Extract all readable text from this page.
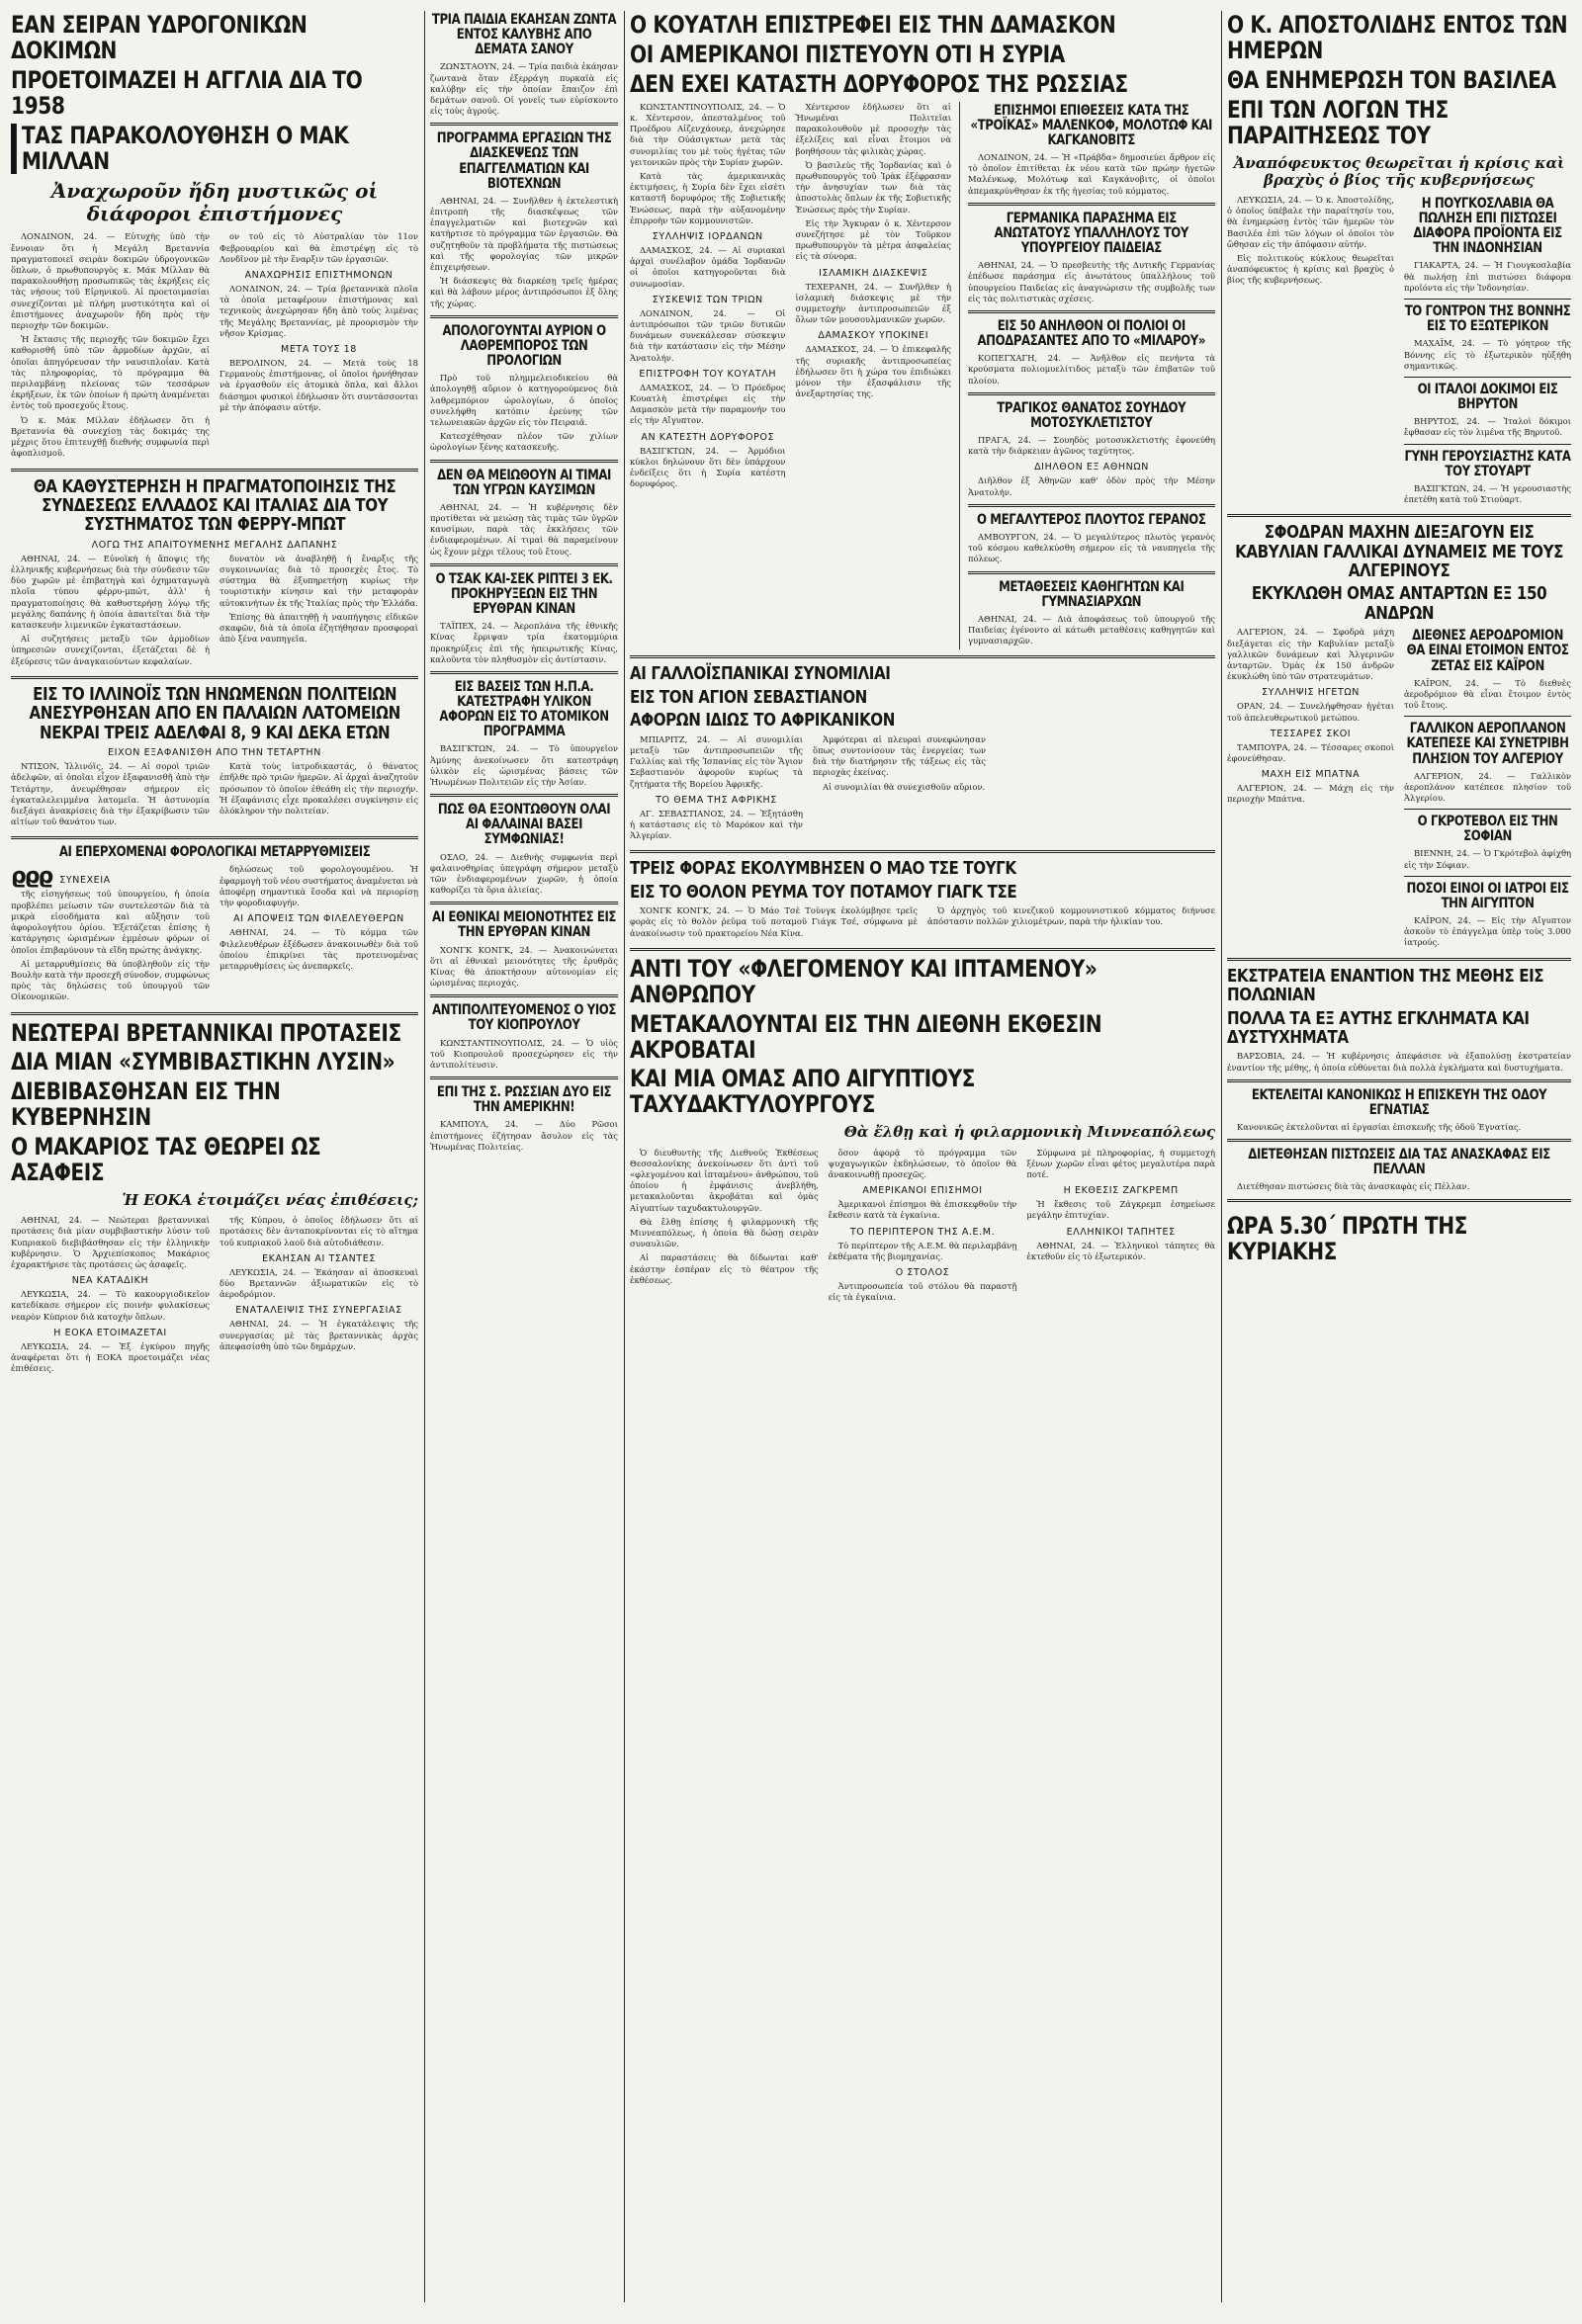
ΕΑΝ ΣΕΙΡΑΝ ΥΔΡΟΓΟΝΙΚΩΝ ΔΟΚΙΜΩΝ
ΠΡΟΕΤΟΙΜΑΖΕΙ Η ΑΓΓΛΙΑ ΔΙΑ ΤΟ 1958
ΤΑΣ ΠΑΡΑΚΟΛΟΥΘΗΣΗ Ο ΜΑΚ ΜΙΛΛΑΝ
Ἀναχωροῦν ἤδη μυστικῶς οἱ διάφοροι ἐπιστήμονες

ΛΟΝΔΙΝΟΝ, 24. — Εὐτυχὴς ὑπὸ τὴν ἔννοιαν ὅτι ἡ Μεγάλη Βρεταννία πραγματοποιεῖ σειρὰν δοκιμῶν ὑδρογονικῶν ὅπλων, ὁ πρωθυπουργὸς κ. Μάκ Μίλλαν θὰ παρακολουθήσῃ προσωπικῶς τὰς ἐκρήξεις εἰς τὰς νήσους τοῦ Εἰρηνικοῦ. Αἱ προετοιμασίαι συνεχίζονται μὲ πλήρη μυστικότητα καὶ οἱ ἐπιστήμονες ἀναχωροῦν ἤδη πρὸς τὴν περιοχὴν τῶν δοκιμῶν.

Ἡ ἔκτασις τῆς περιοχῆς τῶν δοκιμῶν ἔχει καθορισθῆ ὑπὸ τῶν ἁρμοδίων ἀρχῶν, αἱ ὁποῖαι ἀπηγόρευσαν τὴν ναυσιπλοΐαν. Κατὰ τὰς πληροφορίας, τὸ πρόγραμμα θὰ περιλαμβάνῃ πλείονας τῶν τεσσάρων ἐκρήξεων, ἐκ τῶν ὁποίων ἡ πρώτη ἀναμένεται ἐντὸς τοῦ προσεχοῦς ἔτους.

Ὁ κ. Μάκ Μίλλαν ἐδήλωσεν ὅτι ἡ Βρεταννία θὰ συνεχίσῃ τὰς δοκιμάς της μέχρις ὅτου ἐπιτευχθῇ διεθνὴς συμφωνία περὶ ἀφοπλισμοῦ.

ον τοῦ εἰς τὸ Αὐστραλίαν τὸν 11ον Φεβρουαρίου καὶ θὰ ἐπιστρέψῃ εἰς τὸ Λονδῖνον μὲ τὴν ἔναρξιν τῶν ἐργασιῶν.

ΑΝΑΧΩΡΗΣΙΣ ΕΠΙΣΤΗΜΟΝΩΝ

ΛΟΝΔΙΝΟΝ, 24. — Τρία βρεταννικὰ πλοῖα τὰ ὁποῖα μεταφέρουν ἐπιστήμονας καὶ τεχνικοὺς ἀνεχώρησαν ἤδη ἀπὸ τοὺς λιμένας τῆς Μεγάλης Βρεταννίας, μὲ προορισμὸν τὴν νῆσον Κρίσμας.

ΜΕΤΑ ΤΟΥΣ 18

ΒΕΡΟΛΙΝΟΝ, 24. — Μετὰ τοὺς 18 Γερμανοὺς ἐπιστήμονας, οἱ ὁποῖοι ἠρνήθησαν νὰ ἐργασθοῦν εἰς ἀτομικὰ ὅπλα, καὶ ἄλλοι διάσημοι φυσικοὶ ἐδήλωσαν ὅτι συντάσσονται μὲ τὴν ἀπόφασιν αὐτήν.

ΘΑ ΚΑΘΥΣΤΕΡΗΣΗ Η ΠΡΑΓΜΑΤΟΠΟΙΗΣΙΣ ΤΗΣ ΣΥΝΔΕΣΕΩΣ ΕΛΛΑΔΟΣ ΚΑΙ ΙΤΑΛΙΑΣ ΔΙΑ ΤΟΥ ΣΥΣΤΗΜΑΤΟΣ ΤΩΝ ΦΕΡΡΥ-ΜΠΩΤ
ΛΟΓΩ ΤΗΣ ΑΠΑΙΤΟΥΜΕΝΗΣ ΜΕΓΑΛΗΣ ΔΑΠΑΝΗΣ

ΑΘΗΝΑΙ, 24. — Εὐνοϊκὴ ἡ ἄποψις τῆς ἑλληνικῆς κυβερνήσεως διὰ τὴν σύνδεσιν τῶν δύο χωρῶν μὲ ἐπιβατηγὰ καὶ ὀχηματαγωγὰ πλοῖα τύπου φέρρυ-μπώτ, ἀλλ' ἡ πραγματοποίησις θὰ καθυστερήσῃ λόγῳ τῆς μεγάλης δαπάνης ἡ ὁποία ἀπαιτεῖται διὰ τὴν κατασκευὴν λιμενικῶν ἐγκαταστάσεων.

Αἱ συζητήσεις μεταξὺ τῶν ἁρμοδίων ὑπηρεσιῶν συνεχίζονται, ἐξετάζεται δὲ ἡ ἐξεύρεσις τῶν ἀναγκαιούντων κεφαλαίων.

δυνατὸν νὰ ἀναβληθῇ ἡ ἔναρξις τῆς συγκοινωνίας διὰ τὸ προσεχὲς ἔτος. Τὸ σύστημα θὰ ἐξυπηρετήσῃ κυρίως τὴν τουριστικὴν κίνησιν καὶ τὴν μεταφορὰν αὐτοκινήτων ἐκ τῆς Ἰταλίας πρὸς τὴν Ἑλλάδα.

Ἐπίσης θὰ ἀπαιτηθῇ ἡ ναυπήγησις εἰδικῶν σκαφῶν, διὰ τὰ ὁποῖα ἐζητήθησαν προσφοραὶ ἀπὸ ξένα ναυπηγεῖα.

ΕΙΣ ΤΟ ΙΛΛΙΝΟΪΣ ΤΩΝ ΗΝΩΜΕΝΩΝ ΠΟΛΙΤΕΙΩΝ ΑΝΕΣΥΡΘΗΣΑΝ ΑΠΟ ΕΝ ΠΑΛΑΙΩΝ ΛΑΤΟΜΕΙΩΝ ΝΕΚΡΑΙ ΤΡΕΙΣ ΑΔΕΛΦΑΙ 8, 9 ΚΑΙ ΔΕΚΑ ΕΤΩΝ
ΕΙΧΟΝ ΕΞΑΦΑΝΙΣΘΗ ΑΠΟ ΤΗΝ ΤΕΤΑΡΤΗΝ

ΝΤΙΣΟΝ, Ἰλλινόϊς, 24. — Αἱ σοροὶ τριῶν ἀδελφῶν, αἱ ὁποῖαι εἶχον ἐξαφανισθῆ ἀπὸ τὴν Τετάρτην, ἀνευρέθησαν σήμερον εἰς ἐγκαταλελειμμένα λατομεῖα. Ἡ ἀστυνομία διεξάγει ἀνακρίσεις διὰ τὴν ἐξακρίβωσιν τῶν αἰτίων τοῦ θανάτου των.

Κατὰ τοὺς ἰατροδικαστάς, ὁ θάνατος ἐπῆλθε πρὸ τριῶν ἡμερῶν. Αἱ ἀρχαὶ ἀναζητοῦν πρόσωπον τὸ ὁποῖον ἐθεάθη εἰς τὴν περιοχήν. Ἡ ἐξαφάνισις εἶχε προκαλέσει συγκίνησιν εἰς ὁλόκληρον τὴν πολιτείαν.

ΑΙ ΕΠΕΡΧΟΜΕΝΑΙ ΦΟΡΟΛΟΓΙΚΑΙ ΜΕΤΑΡΡΥΘΜΙΣΕΙΣ
ϱϱϱ ΣΥΝΕΧΕΙΑ

τῆς εἰσηγήσεως τοῦ ὑπουργείου, ἡ ὁποία προβλέπει μείωσιν τῶν συντελεστῶν διὰ τὰ μικρὰ εἰσοδήματα καὶ αὔξησιν τοῦ ἀφορολογήτου ὁρίου. Ἐξετάζεται ἐπίσης ἡ κατάργησις ὡρισμένων ἐμμέσων φόρων οἱ ὁποῖοι ἐπιβαρύνουν τὰ εἴδη πρώτης ἀνάγκης.

Αἱ μεταρρυθμίσεις θὰ ὑποβληθοῦν εἰς τὴν Βουλὴν κατὰ τὴν προσεχῆ σύνοδον, συμφώνως πρὸς τὰς δηλώσεις τοῦ ὑπουργοῦ τῶν Οἰκονομικῶν.

δηλώσεως τοῦ φορολογουμένου. Ἡ ἐφαρμογὴ τοῦ νέου συστήματος ἀναμένεται νὰ ἀποφέρῃ σημαντικὰ ἔσοδα καὶ νὰ περιορίσῃ τὴν φοροδιαφυγήν.

ΑΙ ΑΠΟΨΕΙΣ ΤΩΝ ΦΙΛΕΛΕΥΘΕΡΩΝ

ΑΘΗΝΑΙ, 24. — Τὸ κόμμα τῶν Φιλελευθέρων ἐξέδωσεν ἀνακοινωθὲν διὰ τοῦ ὁποίου ἐπικρίνει τὰς προτεινομένας μεταρρυθμίσεις ὡς ἀνεπαρκεῖς.

ΝΕΩΤΕΡΑΙ ΒΡΕΤΑΝΝΙΚΑΙ ΠΡΟΤΑΣΕΙΣ
ΔΙΑ ΜΙΑΝ «ΣΥΜΒΙΒΑΣΤΙΚΗΝ ΛΥΣΙΝ»
ΔΙΕΒΙΒΑΣΘΗΣΑΝ ΕΙΣ ΤΗΝ ΚΥΒΕΡΝΗΣΙΝ
Ο ΜΑΚΑΡΙΟΣ ΤΑΣ ΘΕΩΡΕΙ ΩΣ ΑΣΑΦΕΙΣ
Ἡ ΕΟΚΑ ἑτοιμάζει νέας ἐπιθέσεις;

ΑΘΗΝΑΙ, 24. — Νεώτεραι βρεταννικαὶ προτάσεις διὰ μίαν συμβιβαστικὴν λύσιν τοῦ Κυπριακοῦ διεβιβάσθησαν εἰς τὴν ἑλληνικὴν κυβέρνησιν. Ὁ Ἀρχιεπίσκοπος Μακάριος ἐχαρακτήρισε τὰς προτάσεις ὡς ἀσαφεῖς.

ΝΕΑ ΚΑΤΑΔΙΚΗ

ΛΕΥΚΩΣΙΑ, 24. — Τὸ κακουργιοδικεῖον κατεδίκασε σήμερον εἰς ποινὴν φυλακίσεως νεαρὸν Κύπριον διὰ κατοχὴν ὅπλων.

Η ΕΟΚΑ ΕΤΟΙΜΑΖΕΤΑΙ

ΛΕΥΚΩΣΙΑ, 24. — Ἐξ ἐγκύρου πηγῆς ἀναφέρεται ὅτι ἡ ΕΟΚΑ προετοιμάζει νέας ἐπιθέσεις.

τῆς Κύπρου, ὁ ὁποῖος ἐδήλωσεν ὅτι αἱ προτάσεις δὲν ἀνταποκρίνονται εἰς τὸ αἴτημα τοῦ κυπριακοῦ λαοῦ διὰ αὐτοδιάθεσιν.

ΕΚΑΗΣΑΝ ΑΙ ΤΣΑΝΤΕΣ

ΛΕΥΚΩΣΙΑ, 24. — Ἐκάησαν αἱ ἀποσκευαὶ δύο Βρεταννῶν ἀξιωματικῶν εἰς τὸ ἀεροδρόμιον.

ΕΝΑΤΑΛΕΙΨΙΣ ΤΗΣ ΣΥΝΕΡΓΑΣΙΑΣ

ΑΘΗΝΑΙ, 24. — Ἡ ἐγκατάλειψις τῆς συνεργασίας μὲ τὰς βρεταννικὰς ἀρχὰς ἀπεφασίσθη ὑπὸ τῶν δημάρχων.

ΤΡΙΑ ΠΑΙΔΙΑ ΕΚΑΗΣΑΝ ΖΩΝΤΑ ΕΝΤΟΣ ΚΑΛΥΒΗΣ ΑΠΟ ΔΕΜΑΤΑ ΣΑΝΟΥ

ΖΩΝΣΤΑΟΥΝ, 24. — Τρία παιδιὰ ἐκάησαν ζωντανὰ ὅταν ἐξερράγη πυρκαϊὰ εἰς καλύβην εἰς τὴν ὁποίαν ἔπαιζον ἐπὶ δεμάτων σανοῦ. Οἱ γονεῖς των εὑρίσκοντο εἰς τοὺς ἀγρούς.

ΠΡΟΓΡΑΜΜΑ ΕΡΓΑΣΙΩΝ ΤΗΣ ΔΙΑΣΚΕΨΕΩΣ ΤΩΝ ΕΠΑΓΓΕΛΜΑΤΙΩΝ ΚΑΙ ΒΙΟΤΕΧΝΩΝ

ΑΘΗΝΑΙ, 24. — Συνῆλθεν ἡ ἐκτελεστικὴ ἐπιτροπὴ τῆς διασκέψεως τῶν ἐπαγγελματιῶν καὶ βιοτεχνῶν καὶ κατήρτισε τὸ πρόγραμμα τῶν ἐργασιῶν. Θὰ συζητηθοῦν τὰ προβλήματα τῆς πιστώσεως καὶ τῆς φορολογίας τῶν μικρῶν ἐπιχειρήσεων.

Ἡ διάσκεψις θὰ διαρκέσῃ τρεῖς ἡμέρας καὶ θὰ λάβουν μέρος ἀντιπρόσωποι ἐξ ὅλης τῆς χώρας.

ΑΠΟΛΟΓΟΥΝΤΑΙ ΑΥΡΙΟΝ Ο ΛΑΘΡΕΜΠΟΡΟΣ ΤΩΝ ΠΡΟΛΟΓΙΩΝ

Πρὸ τοῦ πλημμελειοδικείου θὰ ἀπολογηθῇ αὔριον ὁ κατηγορούμενος διὰ λαθρεμπόριον ὡρολογίων, ὁ ὁποῖος συνελήφθη κατόπιν ἐρεύνης τῶν τελωνειακῶν ἀρχῶν εἰς τὸν Πειραιᾶ.

Κατεσχέθησαν πλέον τῶν χιλίων ὡρολογίων ξένης κατασκευῆς.

ΔΕΝ ΘΑ ΜΕΙΩΘΟΥΝ ΑΙ ΤΙΜΑΙ ΤΩΝ ΥΓΡΩΝ ΚΑΥΣΙΜΩΝ

ΑΘΗΝΑΙ, 24. — Ἡ κυβέρνησις δὲν προτίθεται νὰ μειώσῃ τὰς τιμὰς τῶν ὑγρῶν καυσίμων, παρὰ τὰς ἐκκλήσεις τῶν ἐνδιαφερομένων. Αἱ τιμαὶ θὰ παραμείνουν ὡς ἔχουν μέχρι τέλους τοῦ ἔτους.

Ο ΤΣΑΚ ΚΑΙ-ΣΕΚ ΡΙΠΤΕΙ 3 ΕΚ. ΠΡΟΚΗΡΥΞΕΩΝ ΕΙΣ ΤΗΝ ΕΡΥΘΡΑΝ ΚΙΝΑΝ

ΤΑΪΠΕΧ, 24. — Ἀεροπλάνα τῆς ἐθνικῆς Κίνας ἔρριψαν τρία ἑκατομμύρια προκηρύξεις ἐπὶ τῆς ἠπειρωτικῆς Κίνας, καλοῦντα τὸν πληθυσμὸν εἰς ἀντίστασιν.

ΕΙΣ ΒΑΣΕΙΣ ΤΩΝ Η.Π.Α. ΚΑΤΕΣΤΡΑΦΗ ΥΛΙΚΟΝ ΑΦΟΡΩΝ ΕΙΣ ΤΟ ΑΤΟΜΙΚΟΝ ΠΡΟΓΡΑΜΜΑ

ΒΑΣΙΓΚΤΩΝ, 24. — Τὸ ὑπουργεῖον Ἀμύνης ἀνεκοίνωσεν ὅτι κατεστράφη ὑλικὸν εἰς ὡρισμένας βάσεις τῶν Ἡνωμένων Πολιτειῶν εἰς τὴν Ἀσίαν.

ΠΩΣ ΘΑ ΕΞΟΝΤΩΘΟΥΝ ΟΛΑΙ ΑΙ ΦΑΛΑΙΝΑΙ ΒΑΣΕΙ ΣΥΜΦΩΝΙΑΣ!

ΟΣΛΟ, 24. — Διεθνὴς συμφωνία περὶ φαλαινοθηρίας ὑπεγράφη σήμερον μεταξὺ τῶν ἐνδιαφερομένων χωρῶν, ἡ ὁποία καθορίζει τὰ ὅρια ἁλιείας.

ΑΙ ΕΘΝΙΚΑΙ ΜΕΙΟΝΟΤΗΤΕΣ ΕΙΣ ΤΗΝ ΕΡΥΘΡΑΝ ΚΙΝΑΝ

ΧΟΝΓΚ ΚΟΝΓΚ, 24. — Ἀνακοινώνεται ὅτι αἱ ἐθνικαὶ μειονότητες τῆς ἐρυθρᾶς Κίνας θὰ ἀποκτήσουν αὐτονομίαν εἰς ὡρισμένας περιοχάς.

ΑΝΤΙΠΟΛΙΤΕΥΟΜΕΝΟΣ Ο ΥΙΟΣ ΤΟΥ ΚΙΟΠΡΟΥΛΟΥ

ΚΩΝΣΤΑΝΤΙΝΟΥΠΟΛΙΣ, 24. — Ὁ υἱὸς τοῦ Κιοπρουλοῦ προσεχώρησεν εἰς τὴν ἀντιπολίτευσιν.

ΕΠΙ ΤΗΣ Σ. ΡΩΣΣΙΑΝ ΔΥΟ ΕΙΣ ΤΗΝ ΑΜΕΡΙΚΗΝ!

ΚΑΜΠΟΥΛ, 24. — Δύο Ρῶσοι ἐπιστήμονες ἐζήτησαν ἄσυλον εἰς τὰς Ἡνωμένας Πολιτείας.

Ο ΚΟΥΑΤΛΗ ΕΠΙΣΤΡΕΦΕΙ ΕΙΣ ΤΗΝ ΔΑΜΑΣΚΟΝ
ΟΙ ΑΜΕΡΙΚΑΝΟΙ ΠΙΣΤΕΥΟΥΝ ΟΤΙ Η ΣΥΡΙΑ
ΔΕΝ ΕΧΕΙ ΚΑΤΑΣΤΗ ΔΟΡΥΦΟΡΟΣ ΤΗΣ ΡΩΣΣΙΑΣ

ΚΩΝΣΤΑΝΤΙΝΟΥΠΟΛΙΣ, 24. — Ὁ κ. Χέντερσον, ἀπεσταλμένος τοῦ Προέδρου Αἰζενχάουερ, ἀνεχώρησε διὰ τὴν Οὐάσιγκτων μετὰ τὰς συνομιλίας του μὲ τοὺς ἡγέτας τῶν γειτονικῶν πρὸς τὴν Συρίαν χωρῶν.

Κατὰ τὰς ἀμερικανικὰς ἐκτιμήσεις, ἡ Συρία δὲν ἔχει εἰσέτι καταστῆ δορυφόρος τῆς Σοβιετικῆς Ἑνώσεως, παρὰ τὴν αὐξανομένην ἐπιρροὴν τῶν κομμουνιστῶν.

ΣΥΛΛΗΨΙΣ ΙΟΡΔΑΝΩΝ

ΔΑΜΑΣΚΟΣ, 24. — Αἱ συριακαὶ ἀρχαὶ συνέλαβον ὁμάδα Ἰορδανῶν οἱ ὁποῖοι κατηγοροῦνται διὰ συνωμοσίαν.

ΣΥΣΚΕΨΙΣ ΤΩΝ ΤΡΙΩΝ

ΛΟΝΔΙΝΟΝ, 24. — Οἱ ἀντιπρόσωποι τῶν τριῶν δυτικῶν δυνάμεων συνεκάλεσαν σύσκεψιν διὰ τὴν κατάστασιν εἰς τὴν Μέσην Ἀνατολήν.

ΕΠΙΣΤΡΟΦΗ ΤΟΥ ΚΟΥΑΤΛΗ

ΔΑΜΑΣΚΟΣ, 24. — Ὁ Πρόεδρος Κουατλὴ ἐπιστρέφει εἰς τὴν Δαμασκὸν μετὰ τὴν παραμονήν του εἰς τὴν Αἴγυπτον.

ΑΝ ΚΑΤΕΣΤΗ ΔΟΡΥΦΟΡΟΣ

ΒΑΣΙΓΚΤΩΝ, 24. — Ἀρμόδιοι κύκλοι δηλώνουν ὅτι δὲν ὑπάρχουν ἐνδείξεις ὅτι ἡ Συρία κατέστη δορυφόρος.

Χέντερσον ἐδήλωσεν ὅτι αἱ Ἡνωμέναι Πολιτεῖαι παρακολουθοῦν μὲ προσοχὴν τὰς ἐξελίξεις καὶ εἶναι ἕτοιμοι νὰ βοηθήσουν τὰς φιλικὰς χώρας.

Ὁ βασιλεὺς τῆς Ἰορδανίας καὶ ὁ πρωθυπουργὸς τοῦ Ἰρὰκ ἐξέφρασαν τὴν ἀνησυχίαν των διὰ τὰς ἀποστολὰς ὅπλων ἐκ τῆς Σοβιετικῆς Ἑνώσεως πρὸς τὴν Συρίαν.

Εἰς τὴν Ἄγκυραν ὁ κ. Χέντερσον συνεζήτησε μὲ τὸν Τοῦρκον πρωθυπουργὸν τὰ μέτρα ἀσφαλείας εἰς τὰ σύνορα.

ΙΣΛΑΜΙΚΗ ΔΙΑΣΚΕΨΙΣ

ΤΕΧΕΡΑΝΗ, 24. — Συνῆλθεν ἡ ἰσλαμικὴ διάσκεψις μὲ τὴν συμμετοχὴν ἀντιπροσωπειῶν ἐξ ὅλων τῶν μουσουλμανικῶν χωρῶν.

ΔΑΜΑΣΚΟΥ ΥΠΟΚΙΝΕΙ

ΔΑΜΑΣΚΟΣ, 24. — Ὁ ἐπικεφαλῆς τῆς συριακῆς ἀντιπροσωπείας ἐδήλωσεν ὅτι ἡ χώρα του ἐπιδιώκει μόνον τὴν ἐξασφάλισιν τῆς ἀνεξαρτησίας της.

ΕΠΙΣΗΜΟΙ ΕΠΙΘΕΣΕΙΣ ΚΑΤΑ ΤΗΣ «ΤΡΟΪΚΑΣ» ΜΑΛΕΝΚΟΦ, ΜΟΛΟΤΩΦ ΚΑΙ ΚΑΓΚΑΝΟΒΙΤΣ

ΛΟΝΔΙΝΟΝ, 24. — Ἡ «Πράβδα» δημοσιεύει ἄρθρον εἰς τὸ ὁποῖον ἐπιτίθεται ἐκ νέου κατὰ τῶν πρώην ἡγετῶν Μαλένκωφ, Μολότωφ καὶ Καγκάνοβιτς, οἱ ὁποῖοι ἀπεμακρύνθησαν ἐκ τῆς ἡγεσίας τοῦ κόμματος.

ΓΕΡΜΑΝΙΚΑ ΠΑΡΑΣΗΜΑ ΕΙΣ ΑΝΩΤΑΤΟΥΣ ΥΠΑΛΛΗΛΟΥΣ ΤΟΥ ΥΠΟΥΡΓΕΙΟΥ ΠΑΙΔΕΙΑΣ

ΑΘΗΝΑΙ, 24. — Ὁ πρεσβευτὴς τῆς Δυτικῆς Γερμανίας ἐπέδωσε παράσημα εἰς ἀνωτάτους ὑπαλλήλους τοῦ ὑπουργείου Παιδείας εἰς ἀναγνώρισιν τῆς συμβολῆς των εἰς τὰς πολιτιστικὰς σχέσεις.

ΕΙΣ 50 ΑΝΗΛΘΟΝ ΟΙ ΠΟΛΙΟΙ ΟΙ ΑΠΟΔΡΑΣΑΝΤΕΣ ΑΠΟ ΤΟ «ΜΙΛΑΡΟΥ»

ΚΟΠΕΓΧΑΓΗ, 24. — Ἀνῆλθον εἰς πενήντα τὰ κρούσματα πολιομυελίτιδος μεταξὺ τῶν ἐπιβατῶν τοῦ πλοίου.

ΤΡΑΓΙΚΟΣ ΘΑΝΑΤΟΣ ΣΟΥΗΔΟΥ ΜΟΤΟΣΥΚΛΕΤΙΣΤΟΥ

ΠΡΑΓΑ, 24. — Σουηδὸς μοτοσυκλετιστὴς ἐφονεύθη κατὰ τὴν διάρκειαν ἀγῶνος ταχύτητος.

ΔΙΗΛΘΟΝ ΕΞ ΑΘΗΝΩΝ

Διῆλθον ἐξ Ἀθηνῶν καθ' ὁδὸν πρὸς τὴν Μέσην Ἀνατολήν.

Ο ΜΕΓΑΛΥΤΕΡΟΣ ΠΛΟΥΤΟΣ ΓΕΡΑΝΟΣ

ΑΜΒΟΥΡΓΟΝ, 24. — Ὁ μεγαλύτερος πλωτὸς γερανὸς τοῦ κόσμου καθελκύσθη σήμερον εἰς τὰ ναυπηγεῖα τῆς πόλεως.

ΜΕΤΑΘΕΣΕΙΣ ΚΑΘΗΓΗΤΩΝ ΚΑΙ ΓΥΜΝΑΣΙΑΡΧΩΝ

ΑΘΗΝΑΙ, 24. — Διὰ ἀποφάσεως τοῦ ὑπουργοῦ τῆς Παιδείας ἐγένοντο αἱ κάτωθι μεταθέσεις καθηγητῶν καὶ γυμνασιαρχῶν.

ΑΙ ΓΑΛΛΟΪΣΠΑΝΙΚΑΙ ΣΥΝΟΜΙΛΙΑΙ
ΕΙΣ ΤΟΝ ΑΓΙΟΝ ΣΕΒΑΣΤΙΑΝΟΝ
ΑΦΟΡΩΝ ΙΔΙΩΣ ΤΟ ΑΦΡΙΚΑΝΙΚΟΝ

ΜΠΙΑΡΙΤΖ, 24. — Αἱ συνομιλίαι μεταξὺ τῶν ἀντιπροσωπειῶν τῆς Γαλλίας καὶ τῆς Ἱσπανίας εἰς τὸν Ἅγιον Σεβαστιανὸν ἀφοροῦν κυρίως τὰ ζητήματα τῆς Βορείου Ἀφρικῆς.

ΤΟ ΘΕΜΑ ΤΗΣ ΑΦΡΙΚΗΣ

ΑΓ. ΣΕΒΑΣΤΙΑΝΟΣ, 24. — Ἐξητάσθη ἡ κατάστασις εἰς τὸ Μαρόκον καὶ τὴν Ἀλγερίαν.

Ἀμφότεραι αἱ πλευραὶ συνεφώνησαν ὅπως συντονίσουν τὰς ἐνεργείας των διὰ τὴν διατήρησιν τῆς τάξεως εἰς τὰς περιοχὰς ἐκείνας.

Αἱ συνομιλίαι θὰ συνεχισθοῦν αὔριον.

ΤΡΕΙΣ ΦΟΡΑΣ ΕΚΟΛΥΜΒΗΣΕΝ Ο ΜΑΟ ΤΣΕ ΤΟΥΓΚ
ΕΙΣ ΤΟ ΘΟΛΟΝ ΡΕΥΜΑ ΤΟΥ ΠΟΤΑΜΟΥ ΓΙΑΓΚ ΤΣΕ

ΧΟΝΓΚ ΚΟΝΓΚ, 24. — Ὁ Μάο Τσὲ Τοὺνγκ ἐκολύμβησε τρεῖς φορὰς εἰς τὸ θολὸν ῥεῦμα τοῦ ποταμοῦ Γιάγκ Τσέ, σύμφωνα μὲ ἀνακοίνωσιν τοῦ πρακτορείου Νέα Κίνα.

Ὁ ἀρχηγὸς τοῦ κινεζικοῦ κομμουνιστικοῦ κόμματος διήνυσε ἀπόστασιν πολλῶν χιλιομέτρων, παρὰ τὴν ἡλικίαν του.

ΑΝΤΙ ΤΟΥ «ΦΛΕΓΟΜΕΝΟΥ ΚΑΙ ΙΠΤΑΜΕΝΟΥ» ΑΝΘΡΩΠΟΥ
ΜΕΤΑΚΑΛΟΥΝΤΑΙ ΕΙΣ ΤΗΝ ΔΙΕΘΝΗ ΕΚΘΕΣΙΝ ΑΚΡΟΒΑΤΑΙ
ΚΑΙ ΜΙΑ ΟΜΑΣ ΑΠΟ ΑΙΓΥΠΤΙΟΥΣ ΤΑΧΥΔΑΚΤΥΛΟΥΡΓΟΥΣ
Θὰ ἔλθῃ καὶ ἡ φιλαρμονικὴ Μιννεαπόλεως

Ὁ διευθυντὴς τῆς Διεθνοῦς Ἐκθέσεως Θεσσαλονίκης ἀνεκοίνωσεν ὅτι ἀντὶ τοῦ «φλεγομένου καὶ ἱπταμένου» ἀνθρώπου, τοῦ ὁποίου ἡ ἐμφάνισις ἀνεβλήθη, μετακαλοῦνται ἀκροβάται καὶ ὁμὰς Αἰγυπτίων ταχυδακτυλουργῶν.

Θὰ ἔλθῃ ἐπίσης ἡ φιλαρμονικὴ τῆς Μιννεαπόλεως, ἡ ὁποία θὰ δώσῃ σειρὰν συναυλιῶν.

Αἱ παραστάσεις θὰ δίδωνται καθ' ἑκάστην ἑσπέραν εἰς τὸ θέατρον τῆς ἐκθέσεως.

ὅσον ἀφορᾷ τὸ πρόγραμμα τῶν ψυχαγωγικῶν ἐκδηλώσεων, τὸ ὁποῖον θὰ ἀνακοινωθῇ προσεχῶς.

ΑΜΕΡΙΚΑΝΟΙ ΕΠΙΣΗΜΟΙ

Ἀμερικανοὶ ἐπίσημοι θὰ ἐπισκεφθοῦν τὴν ἔκθεσιν κατὰ τὰ ἐγκαίνια.

ΤΟ ΠΕΡΙΠΤΕΡΟΝ ΤΗΣ Α.Ε.Μ.

Τὸ περίπτερον τῆς Α.Ε.Μ. θὰ περιλαμβάνῃ ἐκθέματα τῆς βιομηχανίας.

Ο ΣΤΟΛΟΣ

Ἀντιπροσωπεία τοῦ στόλου θὰ παραστῇ εἰς τὰ ἐγκαίνια.

Σύμφωνα μὲ πληροφορίας, ἡ συμμετοχὴ ξένων χωρῶν εἶναι φέτος μεγαλυτέρα παρὰ ποτέ.

Η ΕΚΘΕΣΙΣ ΖΑΓΚΡΕΜΠ

Ἡ ἔκθεσις τοῦ Ζάγκρεμπ ἐσημείωσε μεγάλην ἐπιτυχίαν.

ΕΛΛΗΝΙΚΟΙ ΤΑΠΗΤΕΣ

ΑΘΗΝΑΙ, 24. — Ἑλληνικοὶ τάπητες θὰ ἐκτεθοῦν εἰς τὸ ἐξωτερικόν.

Ο Κ. ΑΠΟΣΤΟΛΙΔΗΣ ΕΝΤΟΣ ΤΩΝ ΗΜΕΡΩΝ
ΘΑ ΕΝΗΜΕΡΩΣΗ ΤΟΝ ΒΑΣΙΛΕΑ
ΕΠΙ ΤΩΝ ΛΟΓΩΝ ΤΗΣ ΠΑΡΑΙΤΗΣΕΩΣ ΤΟΥ
Ἀναπόφευκτος θεωρεῖται ἡ κρίσις καὶ βραχὺς ὁ βίος τῆς κυβερνήσεως

ΛΕΥΚΩΣΙΑ, 24. — Ὁ κ. Ἀποστολίδης, ὁ ὁποῖος ὑπέβαλε τὴν παραίτησίν του, θὰ ἐνημερώσῃ ἐντὸς τῶν ἡμερῶν τὸν Βασιλέα ἐπὶ τῶν λόγων οἱ ὁποῖοι τὸν ὤθησαν εἰς τὴν ἀπόφασιν αὐτήν.

Εἰς πολιτικοὺς κύκλους θεωρεῖται ἀναπόφευκτος ἡ κρίσις καὶ βραχὺς ὁ βίος τῆς κυβερνήσεως.

Η ΠΟΥΓΚΟΣΛΑΒΙΑ ΘΑ ΠΩΛΗΣΗ ΕΠΙ ΠΙΣΤΩΣΕΙ ΔΙΑΦΟΡΑ ΠΡΟΪΟΝΤΑ ΕΙΣ ΤΗΝ ΙΝΔΟΝΗΣΙΑΝ

ΓΙΑΚΑΡΤΑ, 24. — Ἡ Γιουγκοσλαβία θὰ πωλήσῃ ἐπὶ πιστώσει διάφορα προϊόντα εἰς τὴν Ἰνδονησίαν.

ΤΟ ΓΟΝΤΡΟΝ ΤΗΣ ΒΟΝΝΗΣ ΕΙΣ ΤΟ ΕΞΩΤΕΡΙΚΟΝ

ΜΑΧΑΪΜ, 24. — Τὸ γόητρον τῆς Βόννης εἰς τὸ ἐξωτερικὸν ηὐξήθη σημαντικῶς.

ΟΙ ΙΤΑΛΟΙ ΔΟΚΙΜΟΙ ΕΙΣ ΒΗΡΥΤΟΝ

ΒΗΡΥΤΟΣ, 24. — Ἰταλοὶ δόκιμοι ἔφθασαν εἰς τὸν λιμένα τῆς Βηρυτοῦ.

ΓΥΝΗ ΓΕΡΟΥΣΙΑΣΤΗΣ ΚΑΤΑ ΤΟΥ ΣΤΟΥΑΡΤ

ΒΑΣΙΓΚΤΩΝ, 24. — Ἡ γερουσιαστὴς ἐπετέθη κατὰ τοῦ Στιούαρτ.

ΣΦΟΔΡΑΝ ΜΑΧΗΝ ΔΙΕΞΑΓΟΥΝ ΕΙΣ ΚΑΒΥΛΙΑΝ ΓΑΛΛΙΚΑΙ ΔΥΝΑΜΕΙΣ ΜΕ ΤΟΥΣ ΑΛΓΕΡΙΝΟΥΣ
ΕΚΥΚΛΩΘΗ ΟΜΑΣ ΑΝΤΑΡΤΩΝ ΕΞ 150 ΑΝΔΡΩΝ

ΑΛΓΕΡΙΟΝ, 24. — Σφοδρὰ μάχη διεξάγεται εἰς τὴν Καβυλίαν μεταξὺ γαλλικῶν δυνάμεων καὶ Ἀλγερινῶν ἀνταρτῶν. Ὁμὰς ἐκ 150 ἀνδρῶν ἐκυκλώθη ὑπὸ τῶν στρατευμάτων.

ΣΥΛΛΗΨΙΣ ΗΓΕΤΩΝ

ΟΡΑΝ, 24. — Συνελήφθησαν ἡγέται τοῦ ἀπελευθερωτικοῦ μετώπου.

ΤΕΣΣΑΡΕΣ ΣΚΟΙ

ΤΑΜΠΟΥΡΑ, 24. — Τέσσαρες σκοποὶ ἐφονεύθησαν.

ΜΑΧΗ ΕΙΣ ΜΠΑΤΝΑ

ΑΛΓΕΡΙΟΝ, 24. — Μάχη εἰς τὴν περιοχὴν Μπάτνα.

ΔΙΕΘΝΕΣ ΑΕΡΟΔΡΟΜΙΟΝ ΘΑ ΕΙΝΑΙ ΕΤΟΙΜΟΝ ΕΝΤΟΣ ΖΕΤΑΣ ΕΙΣ ΚΑΪΡΟΝ

ΚΑΪΡΟΝ, 24. — Τὸ διεθνὲς ἀεροδρόμιον θὰ εἶναι ἕτοιμον ἐντὸς τοῦ ἔτους.

ΓΑΛΛΙΚΟΝ ΑΕΡΟΠΛΑΝΟΝ ΚΑΤΕΠΕΣΕ ΚΑΙ ΣΥΝΕΤΡΙΒΗ ΠΛΗΣΙΟΝ ΤΟΥ ΑΛΓΕΡΙΟΥ

ΑΛΓΕΡΙΟΝ, 24. — Γαλλικὸν ἀεροπλάνον κατέπεσε πλησίον τοῦ Ἀλγερίου.

Ο ΓΚΡΟΤΕΒΟΛ ΕΙΣ ΤΗΝ ΣΟΦΙΑΝ

ΒΙΕΝΝΗ, 24. — Ὁ Γκρότεβολ ἀφίχθη εἰς τὴν Σόφιαν.

ΠΟΣΟΙ ΕΙΝΟΙ ΟΙ ΙΑΤΡΟΙ ΕΙΣ ΤΗΝ ΑΙΓΥΠΤΟΝ

ΚΑΪΡΟΝ, 24. — Εἰς τὴν Αἴγυπτον ἀσκοῦν τὸ ἐπάγγελμα ὑπὲρ τοὺς 3.000 ἰατρούς.

ΕΚΣΤΡΑΤΕΙΑ ΕΝΑΝΤΙΟΝ ΤΗΣ ΜΕΘΗΣ ΕΙΣ ΠΟΛΩΝΙΑΝ
ΠΟΛΛΑ ΤΑ ΕΞ ΑΥΤΗΣ ΕΓΚΛΗΜΑΤΑ ΚΑΙ ΔΥΣΤΥΧΗΜΑΤΑ

ΒΑΡΣΟΒΙΑ, 24. — Ἡ κυβέρνησις ἀπεφάσισε νὰ ἐξαπολύσῃ ἐκστρατείαν ἐναντίον τῆς μέθης, ἡ ὁποία εὐθύνεται διὰ πολλὰ ἐγκλήματα καὶ δυστυχήματα.

ΕΚΤΕΛΕΙΤΑΙ ΚΑΝΟΝΙΚΩΣ Η ΕΠΙΣΚΕΥΗ ΤΗΣ ΟΔΟΥ ΕΓΝΑΤΙΑΣ

Κανονικῶς ἐκτελοῦνται αἱ ἐργασίαι ἐπισκευῆς τῆς ὁδοῦ Ἐγνατίας.

ΔΙΕΤΕΘΗΣΑΝ ΠΙΣΤΩΣΕΙΣ ΔΙΑ ΤΑΣ ΑΝΑΣΚΑΦΑΣ ΕΙΣ ΠΕΛΛΑΝ

Διετέθησαν πιστώσεις διὰ τὰς ἀνασκαφὰς εἰς Πέλλαν.

ΩΡΑ 5.30΄ ΠΡΩΤΗ ΤΗΣ ΚΥΡΙΑΚΗΣ
